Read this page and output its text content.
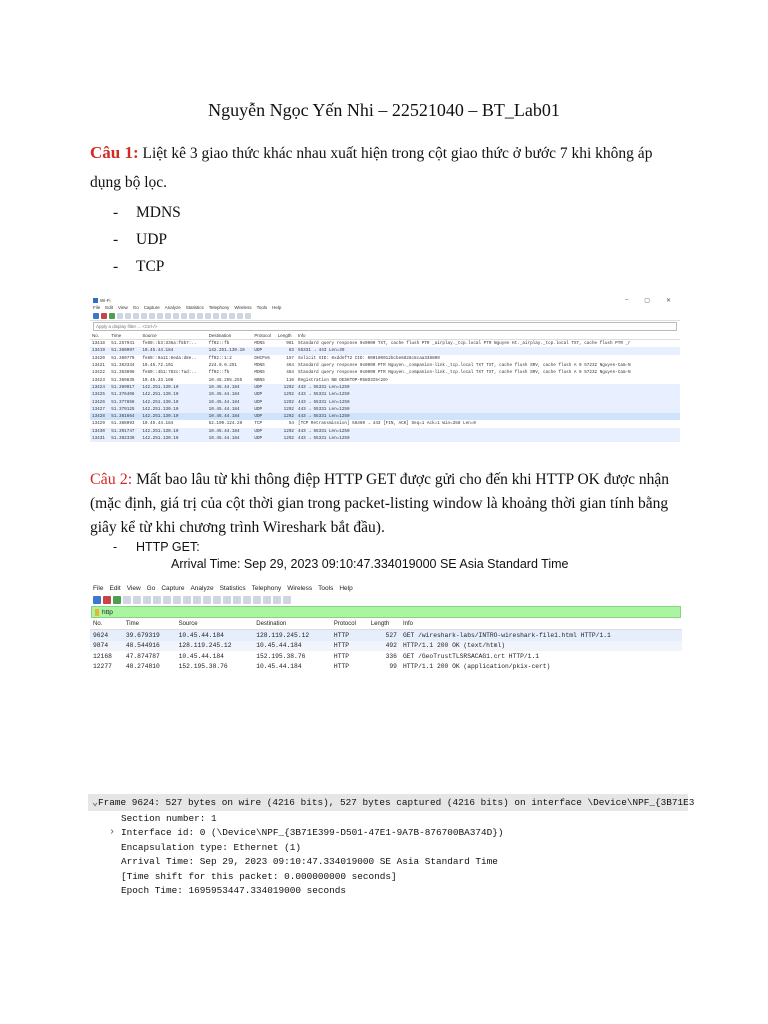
Nguyễn Ngọc Yến Nhi – 22521040 – BT_Lab01
Câu 1: Liệt kê 3 giao thức khác nhau xuất hiện trong cột giao thức ở bước 7 khi không áp dụng bộ lọc.
- MDNS
- UDP
- TCP
Wi-Fi	–	▢	✕
File Edit View Go Capture Analyze Statistics Telephony Wireless Tools Help
Apply a display filter ... <Ctrl-/>
No.	Time	Source	Destination	Protocol	Length	Info
13418	51.257941	fe80::b3:336a:f6b7:..	ff02::fb	MDNS	961	Standard query response 0x0000 TXT, cache flush PTR _airplay._tcp.local PTR Nguyen Ht._airplay._tcp.local TXT, cache flush PTR _r
13419	51.360097	10.45.44.184	142.251.130.10	UDP	83	55331 → 443 Len=39
13420	51.360779	fe80::9a11:8eda:d8e..	ff02::1:2	DHCPv6	157	Solicit XID: 0xddef72 CID: 000100012bcbe6828c8caa338800
13421	51.363334	10.45.72.101	224.0.0.251	MDNS	464	Standard query response 0x0000 PTR Nguyen._companion-link._tcp.local TXT TXT, cache flush SRV, cache flush A 0 57232 Nguyen-Cam-N
13422	51.363898	fe80::4b1:782c:7ad:..	ff02::fb	MDNS	484	Standard query response 0x0000 PTR Nguyen._companion-link._tcp.local TXT TXT, cache flush SRV, cache flush A 0 57232 Nguyen-Cam-N
13423	51.369835	10.45.33.108	10.45.255.255	NBNS	110	Registration NB DESKTOP-R58O3I5<20>
13424	51.369017	142.251.130.10	10.45.44.184	UDP	1292	443 → 55331 Len=1250
13425	51.376406	142.251.130.10	10.45.44.184	UDP	1292	443 → 55331 Len=1250
13426	51.377856	142.251.130.10	10.45.44.184	UDP	1292	443 → 55331 Len=1250
13427	51.379125	142.251.130.10	10.45.44.184	UDP	1292	443 → 55331 Len=1250
13428	51.381664	142.251.130.10	10.45.44.184	UDP	1292	443 → 55331 Len=1250
13429	51.388093	10.45.44.184	52.109.124.29	TCP	54	[TCP Retransmission] 56460 → 443 [FIN, ACK] Seq=1 Ack=1 Win=258 Len=0
13430	51.391747	142.251.130.10	10.45.44.184	UDP	1292	443 → 55331 Len=1250
13431	51.392339	142.251.130.10	10.45.44.184	UDP	1292	443 → 55331 Len=1250
Câu 2: Mất bao lâu từ khi thông điệp HTTP GET được gửi cho đến khi HTTP OK được nhận (mặc định, giá trị của cột thời gian trong packet-listing window là khoảng thời gian tính bằng giây kể từ khi chương trình Wireshark bắt đầu).
- HTTP GET:
Arrival Time: Sep 29, 2023 09:10:47.334019000 SE Asia Standard Time
File Edit View Go Capture Analyze Statistics Telephony Wireless Tools Help
http
No.	Time	Source	Destination	Protocol	Length	Info
9624	39.679319	10.45.44.184	128.119.245.12	HTTP	527	GET /wireshark-labs/INTRO-wireshark-file1.html HTTP/1.1
9874	48.544916	128.119.245.12	10.45.44.184	HTTP	492	HTTP/1.1 200 OK (text/html)
12168	47.874787	10.45.44.184	152.195.38.76	HTTP	336	GET /GeoTrustTLSRSACAG1.crt HTTP/1.1
12277	48.274810	152.195.38.76	10.45.44.184	HTTP	99	HTTP/1.1 200 OK (application/pkix-cert)
⌄ Frame 9624: 527 bytes on wire (4216 bits), 527 bytes captured (4216 bits) on interface \Device\NPF_{3B71E3
Section number: 1
› Interface id: 0 (\Device\NPF_{3B71E399-D501-47E1-9A7B-876700BA374D})
Encapsulation type: Ethernet (1)
Arrival Time: Sep 29, 2023 09:10:47.334019000 SE Asia Standard Time
[Time shift for this packet: 0.000000000 seconds]
Epoch Time: 1695953447.334019000 seconds
